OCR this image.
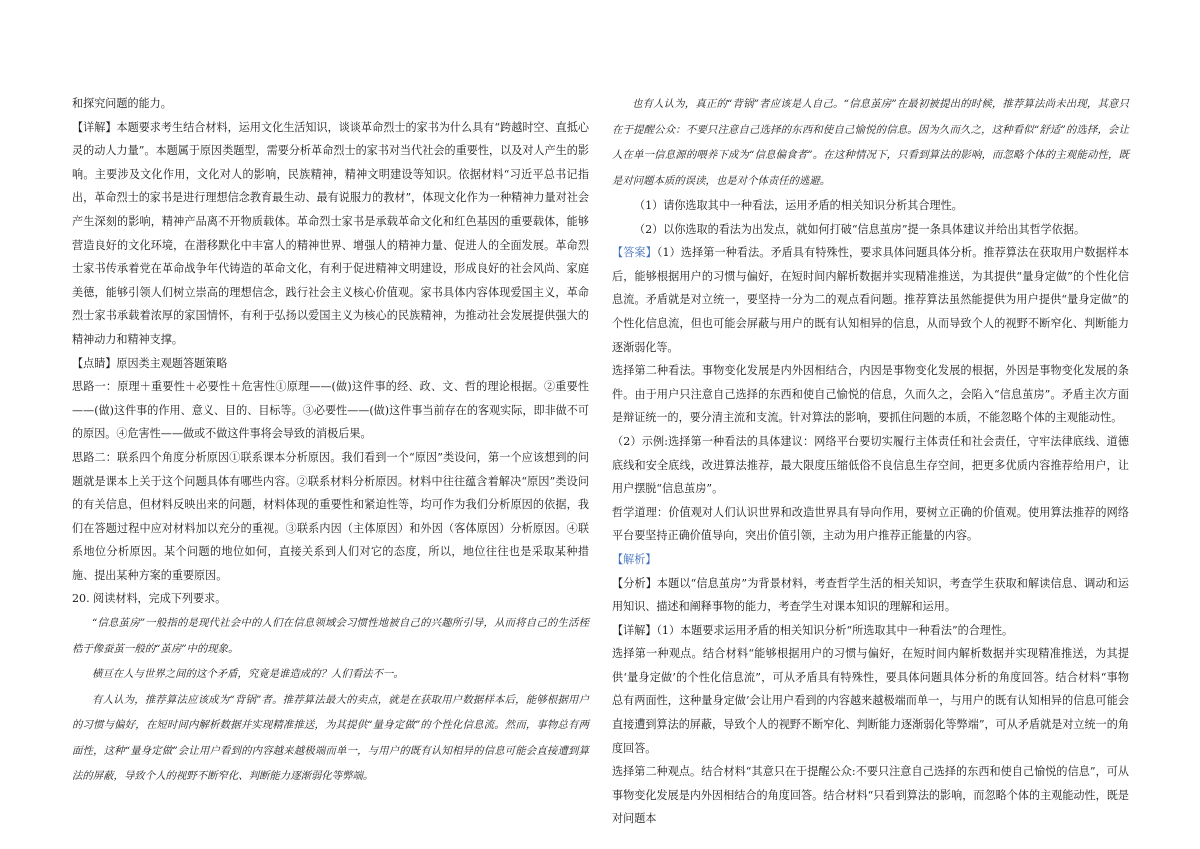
和探究问题的能力。

【详解】本题要求考生结合材料，运用文化生活知识，谈谈革命烈士的家书为什么具有“跨越时空、直抵心灵的动人力量”。本题属于原因类题型，需要分析革命烈士的家书对当代社会的重要性，以及对人产生的影响。主要涉及文化作用，文化对人的影响，民族精神，精神文明建设等知识。依据材料“习近平总书记指出，革命烈士的家书是进行理想信念教育最生动、最有说服力的教材”，体现文化作为一种精神力量对社会产生深刻的影响，精神产品离不开物质载体。革命烈士家书是承载革命文化和红色基因的重要载体，能够营造良好的文化环境，在潜移默化中丰富人的精神世界、增强人的精神力量、促进人的全面发展。革命烈士家书传承着党在革命战争年代铸造的革命文化，有利于促进精神文明建设，形成良好的社会风尚、家庭美德，能够引领人们树立崇高的理想信念，践行社会主义核心价值观。家书具体内容体现爱国主义，革命烈士家书承载着浓厚的家国情怀，有利于弘扬以爱国主义为核心的民族精神，为推动社会发展提供强大的精神动力和精神支撑。

【点睛】原因类主观题答题策略

思路一：原理＋重要性＋必要性＋危害性①原理——(做)这件事的经、政、文、哲的理论根据。②重要性——(做)这件事的作用、意义、目的、目标等。③必要性——(做)这件事当前存在的客观实际，即非做不可的原因。④危害性——做或不做这件事将会导致的消极后果。

思路二：联系四个角度分析原因①联系课本分析原因。我们看到一个“原因”类设问，第一个应该想到的问题就是课本上关于这个问题具体有哪些内容。②联系材料分析原因。材料中往往蕴含着解决“原因”类设问的有关信息，但材料反映出来的问题，材料体现的重要性和紧迫性等，均可作为我们分析原因的依据，我们在答题过程中应对材料加以充分的重视。③联系内因（主体原因）和外因（客体原因）分析原因。④联系地位分析原因。某个问题的地位如何，直接关系到人们对它的态度，所以，地位往往也是采取某种措施、提出某种方案的重要原因。

20. 阅读材料，完成下列要求。

“信息茧房”一般指的是现代社会中的人们在信息领域会习惯性地被自己的兴趣所引导，从而将自己的生活桎梏于像蚕茧一般的“茧房”中的现象。

横亘在人与世界之间的这个矛盾，究竟是谁造成的？人们看法不一。

有人认为，推荐算法应该成为“背锅”者。推荐算法最大的卖点，就是在获取用户数据样本后，能够根据用户的习惯与偏好，在短时间内解析数据并实现精准推送，为其提供“量身定做”的个性化信息流。然而，事物总有两面性，这种“量身定做”会让用户看到的内容越来越极端而单一，与用户的既有认知相异的信息可能会直接遭到算法的屏蔽，导致个人的视野不断窄化、判断能力逐渐弱化等弊端。

也有人认为，真正的“背锅”者应该是人自己。“信息茧房”在最初被提出的时候，推荐算法尚未出现，其意只在于提醒公众：不要只注意自己选择的东西和使自己愉悦的信息。因为久而久之，这种看似“舒适”的选择，会让人在单一信息源的喂养下成为“信息偏食者”。在这种情况下，只看到算法的影响，而忽略个体的主观能动性，既是对问题本质的误读，也是对个体责任的逃避。

（1）请你选取其中一种看法，运用矛盾的相关知识分析其合理性。

（2）以你选取的看法为出发点，就如何打破“信息茧房”提一条具体建议并给出其哲学依据。

【答案】（1）选择第一种看法。矛盾具有特殊性，要求具体问题具体分析。推荐算法在获取用户数据样本后，能够根据用户的习惯与偏好，在短时间内解析数据并实现精准推送，为其提供“量身定做”的个性化信息流。矛盾就是对立统一，要坚持一分为二的观点看问题。推荐算法虽然能提供为用户提供“量身定做”的个性化信息流，但也可能会屏蔽与用户的既有认知相异的信息，从而导致个人的视野不断窄化、判断能力逐渐弱化等。

选择第二种看法。事物变化发展是内外因相结合，内因是事物变化发展的根据，外因是事物变化发展的条件。由于用户只注意自己选择的东西和使自己愉悦的信息，久而久之，会陷入“信息茧房”。矛盾主次方面是辩证统一的，要分清主流和支流。针对算法的影响，要抓住问题的本质，不能忽略个体的主观能动性。

（2）示例:选择第一种看法的具体建议：网络平台要切实履行主体责任和社会责任，守牢法律底线、道德底线和安全底线，改进算法推荐，最大限度压缩低俗不良信息生存空间，把更多优质内容推荐给用户，让用户摆脱“信息茧房”。

哲学道理：价值观对人们认识世界和改造世界具有导向作用，要树立正确的价值观。使用算法推荐的网络平台要坚持正确价值导向，突出价值引领，主动为用户推荐正能量的内容。

【解析】

【分析】本题以“信息茧房”为背景材料，考查哲学生活的相关知识，考查学生获取和解读信息、调动和运用知识、描述和阐释事物的能力，考查学生对课本知识的理解和运用。

【详解】（1）本题要求运用矛盾的相关知识分析“所选取其中一种看法”的合理性。

选择第一种观点。结合材料“能够根据用户的习惯与偏好，在短时间内解析数据并实现精准推送，为其提供‘量身定做’的个性化信息流”，可从矛盾具有特殊性，要具体问题具体分析的角度回答。结合材料“事物总有两面性，这种量身定做’会让用户看到的内容越来越极端而单一，与用户的既有认知相异的信息可能会直接遭到算法的屏蔽，导致个人的视野不断窄化、判断能力逐渐弱化等弊端”，可从矛盾就是对立统一的角度回答。

选择第二种观点。结合材料“其意只在于提醒公众:不要只注意自己选择的东西和使自己愉悦的信息”，可从事物变化发展是内外因相结合的角度回答。结合材料“只看到算法的影响，而忽略个体的主观能动性，既是对问题本
